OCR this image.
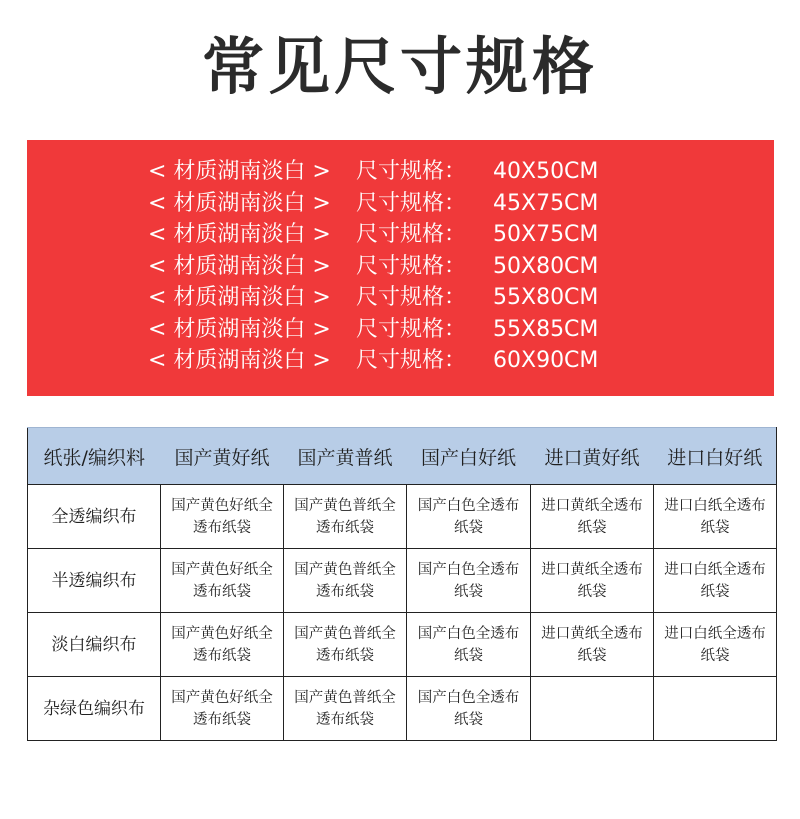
常见尺寸规格
< 材质湖南淡白 > 尺寸规格： 40X50CM
< 材质湖南淡白 > 尺寸规格： 45X75CM
< 材质湖南淡白 > 尺寸规格： 50X75CM
< 材质湖南淡白 > 尺寸规格： 50X80CM
< 材质湖南淡白 > 尺寸规格： 55X80CM
< 材质湖南淡白 > 尺寸规格： 55X85CM
< 材质湖南淡白 > 尺寸规格： 60X90CM
纸张/编织料	国产黄好纸	国产黄普纸	国产白好纸	进口黄好纸	进口白好纸
全透编织布	国产黄色好纸全透布纸袋	国产黄色普纸全透布纸袋	国产白色全透布纸袋	进口黄纸全透布纸袋	进口白纸全透布纸袋
半透编织布	国产黄色好纸全透布纸袋	国产黄色普纸全透布纸袋	国产白色全透布纸袋	进口黄纸全透布纸袋	进口白纸全透布纸袋
淡白编织布	国产黄色好纸全透布纸袋	国产黄色普纸全透布纸袋	国产白色全透布纸袋	进口黄纸全透布纸袋	进口白纸全透布纸袋
杂绿色编织布	国产黄色好纸全透布纸袋	国产黄色普纸全透布纸袋	国产白色全透布纸袋		
